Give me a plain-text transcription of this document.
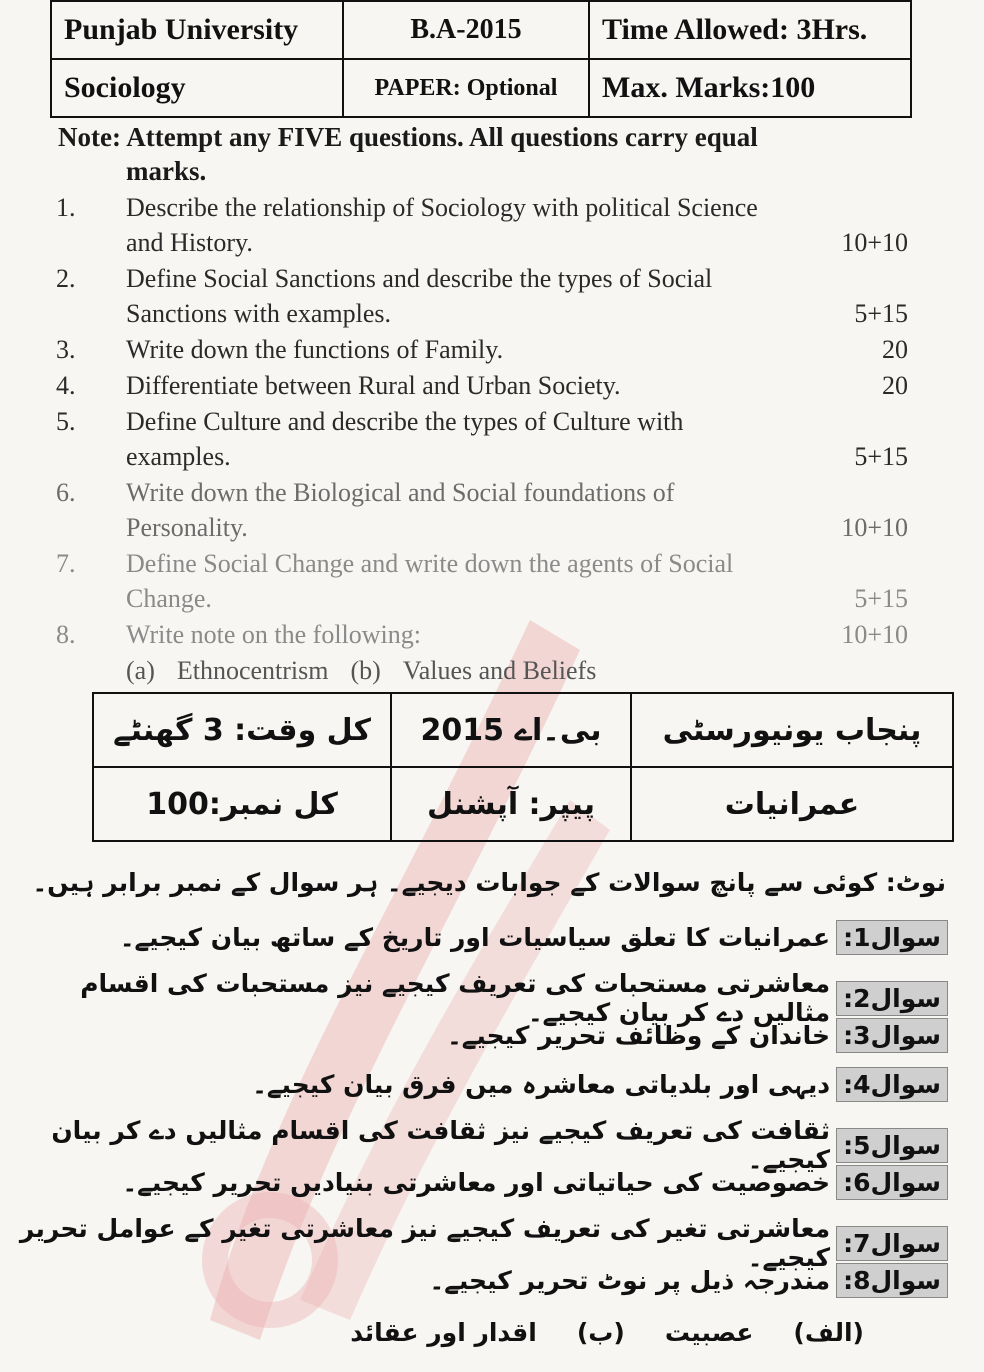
Punjab University	B.A-2015	Time Allowed: 3Hrs.
Sociology	PAPER: Optional	Max. Marks:100
Note: Attempt any FIVE questions. All questions carry equal
marks.
1.	Describe the relationship of Sociology with political Science
and History.	10+10
2.	Define Social Sanctions and describe the types of Social
Sanctions with examples.	5+15
3.	Write down the functions of Family.	20
4.	Differentiate between Rural and Urban Society.	20
5.	Define Culture and describe the types of Culture with
examples.	5+15
6.	Write down the Biological and Social foundations of
Personality.	10+10
7.	Define Social Change and write down the agents of Social
Change.	5+15
8.	Write note on the following:	10+10
(a) Ethnocentrism (b) Values and Beliefs
پنجاب یونیورسٹی	بی۔اے 2015	کل وقت: 3 گھنٹے
عمرانیات	پیپر: آپشنل	کل نمبر:100
نوٹ: کوئی سے پانچ سوالات کے جوابات دیجیے۔ ہر سوال کے نمبر برابر ہیں۔
سوال1:
عمرانیات کا تعلق سیاسیات اور تاریخ کے ساتھ بیان کیجیے۔
سوال2:
معاشرتی مستحبات کی تعریف کیجیے نیز مستحبات کی اقسام مثالیں دے کر بیان کیجیے۔
سوال3:
خاندان کے وظائف تحریر کیجیے۔
سوال4:
دیہی اور بلدیاتی معاشرہ میں فرق بیان کیجیے۔
سوال5:
ثقافت کی تعریف کیجیے نیز ثقافت کی اقسام مثالیں دے کر بیان کیجیے۔
سوال6:
خصوصیت کی حیاتیاتی اور معاشرتی بنیادیں تحریر کیجیے۔
سوال7:
معاشرتی تغیر کی تعریف کیجیے نیز معاشرتی تغیر کے عوامل تحریر کیجیے۔
سوال8:
مندرجہ ذیل پر نوٹ تحریر کیجیے۔
(الف)
عصبیت
(ب)
اقدار اور عقائد
